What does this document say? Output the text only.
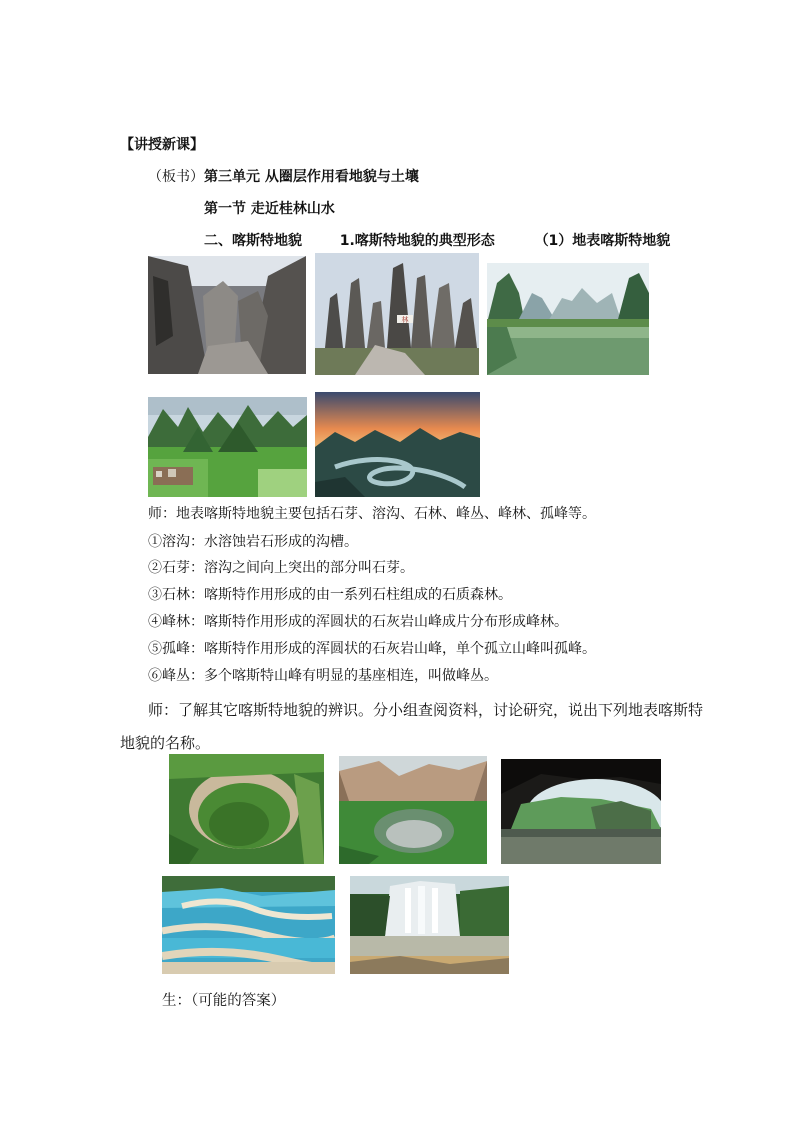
【讲授新课】
（板书）第三单元 从圈层作用看地貌与土壤
第一节 走近桂林山水
二、喀斯特地貌	1.喀斯特地貌的典型形态	（1）地表喀斯特地貌
林
师：地表喀斯特地貌主要包括石芽、溶沟、石林、峰丛、峰林、孤峰等。
①溶沟：水溶蚀岩石形成的沟槽。
②石芽：溶沟之间向上突出的部分叫石芽。
③石林：喀斯特作用形成的由一系列石柱组成的石质森林。
④峰林：喀斯特作用形成的浑圆状的石灰岩山峰成片分布形成峰林。
⑤孤峰：喀斯特作用形成的浑圆状的石灰岩山峰，单个孤立山峰叫孤峰。
⑥峰丛：多个喀斯特山峰有明显的基座相连，叫做峰丛。
师：了解其它喀斯特地貌的辨识。分小组查阅资料，讨论研究，说出下列地表喀斯特
地貌的名称。
生：（可能的答案）
